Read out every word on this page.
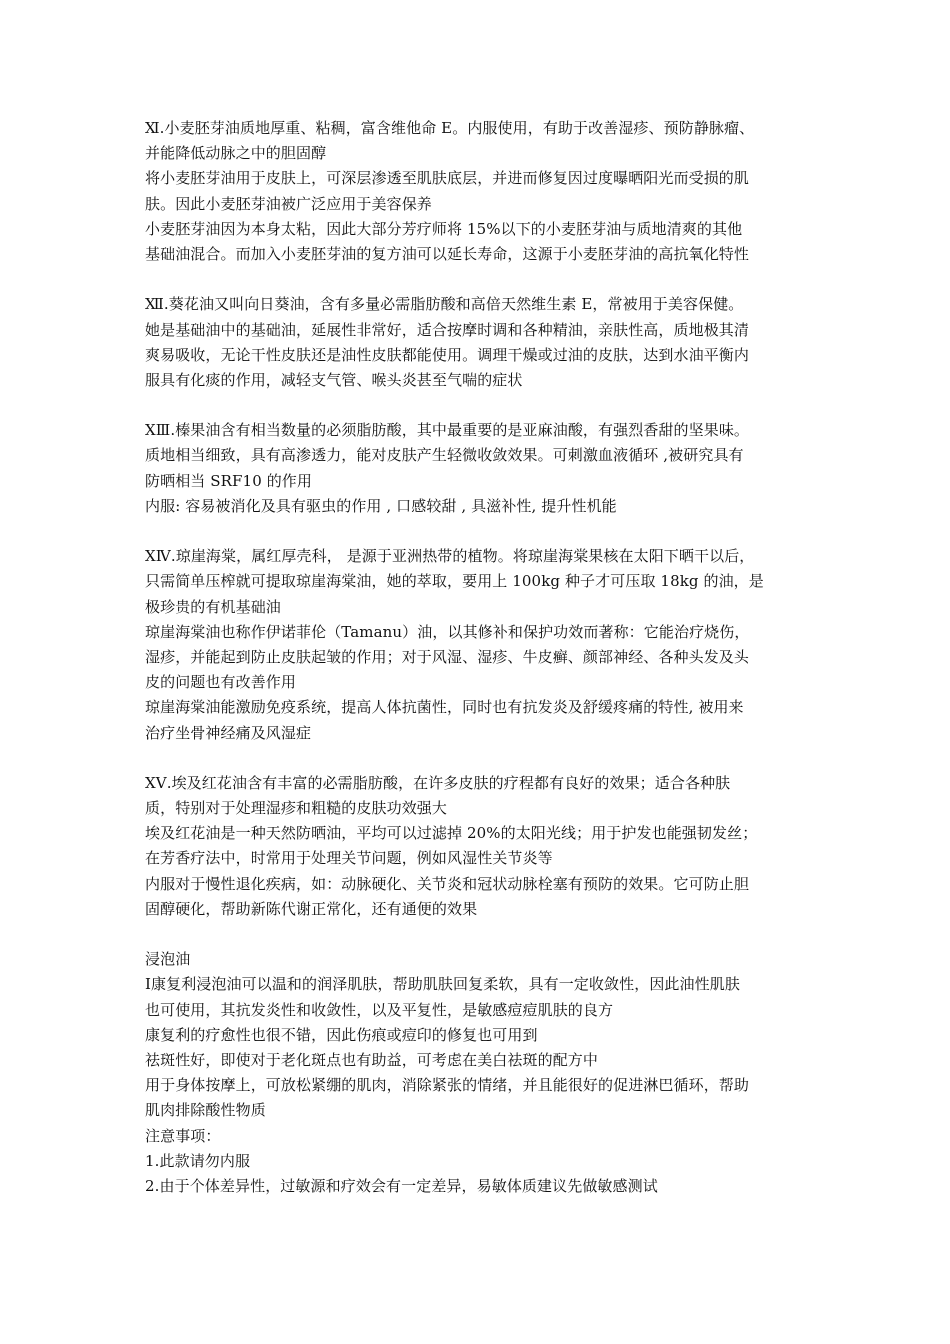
Ⅺ.小麦胚芽油质地厚重、粘稠，富含维他命 E。内服使用，有助于改善湿疹、预防静脉瘤、
并能降低动脉之中的胆固醇
将小麦胚芽油用于皮肤上，可深层渗透至肌肤底层，并进而修复因过度曝晒阳光而受损的肌
肤。因此小麦胚芽油被广泛应用于美容保养
小麦胚芽油因为本身太粘，因此大部分芳疗师将 15%以下的小麦胚芽油与质地清爽的其他
基础油混合。而加入小麦胚芽油的复方油可以延长寿命，这源于小麦胚芽油的高抗氧化特性
Ⅻ.葵花油又叫向日葵油，含有多量必需脂肪酸和高倍天然维生素 E，常被用于美容保健。
她是基础油中的基础油，延展性非常好，适合按摩时调和各种精油，亲肤性高，质地极其清
爽易吸收，无论干性皮肤还是油性皮肤都能使用。调理干燥或过油的皮肤，达到水油平衡内
服具有化痰的作用，减轻支气管、喉头炎甚至气喘的症状
ⅩⅢ.榛果油含有相当数量的必须脂肪酸，其中最重要的是亚麻油酸，有强烈香甜的坚果味。
质地相当细致，具有高渗透力，能对皮肤产生轻微收敛效果。可刺激血液循环 ,被研究具有
防晒相当 SRF10 的作用
内服: 容易被消化及具有驱虫的作用 , 口感较甜 , 具滋补性, 提升性机能
ⅩⅣ.琼崖海棠，属红厚壳科， 是源于亚洲热带的植物。将琼崖海棠果核在太阳下晒干以后，
只需简单压榨就可提取琼崖海棠油，她的萃取，要用上 100kg 种子才可压取 18kg 的油，是
极珍贵的有机基础油
琼崖海棠油也称作伊诺菲伦（Tamanu）油，以其修补和保护功效而著称：它能治疗烧伤，
湿疹，并能起到防止皮肤起皱的作用；对于风湿、湿疹、牛皮癣、颜部神经、各种头发及头
皮的问题也有改善作用
琼崖海棠油能激励免疫系统，提高人体抗菌性，同时也有抗发炎及舒缓疼痛的特性, 被用来
治疗坐骨神经痛及风湿症
ⅩⅤ.埃及红花油含有丰富的必需脂肪酸，在许多皮肤的疗程都有良好的效果；适合各种肤
质，特别对于处理湿疹和粗糙的皮肤功效强大
埃及红花油是一种天然防晒油，平均可以过滤掉 20%的太阳光线；用于护发也能强韧发丝；
在芳香疗法中，时常用于处理关节问题，例如风湿性关节炎等
内服对于慢性退化疾病，如：动脉硬化、关节炎和冠状动脉栓塞有预防的效果。它可防止胆
固醇硬化，帮助新陈代谢正常化，还有通便的效果
浸泡油
Ⅰ康复利浸泡油可以温和的润泽肌肤，帮助肌肤回复柔软，具有一定收敛性，因此油性肌肤
也可使用，其抗发炎性和收敛性，以及平复性，是敏感痘痘肌肤的良方
康复利的疗愈性也很不错，因此伤痕或痘印的修复也可用到
祛斑性好，即使对于老化斑点也有助益，可考虑在美白祛斑的配方中
用于身体按摩上，可放松紧绷的肌肉，消除紧张的情绪，并且能很好的促进淋巴循环，帮助
肌肉排除酸性物质
注意事项：
1.此款请勿内服
2.由于个体差异性，过敏源和疗效会有一定差异，易敏体质建议先做敏感测试
